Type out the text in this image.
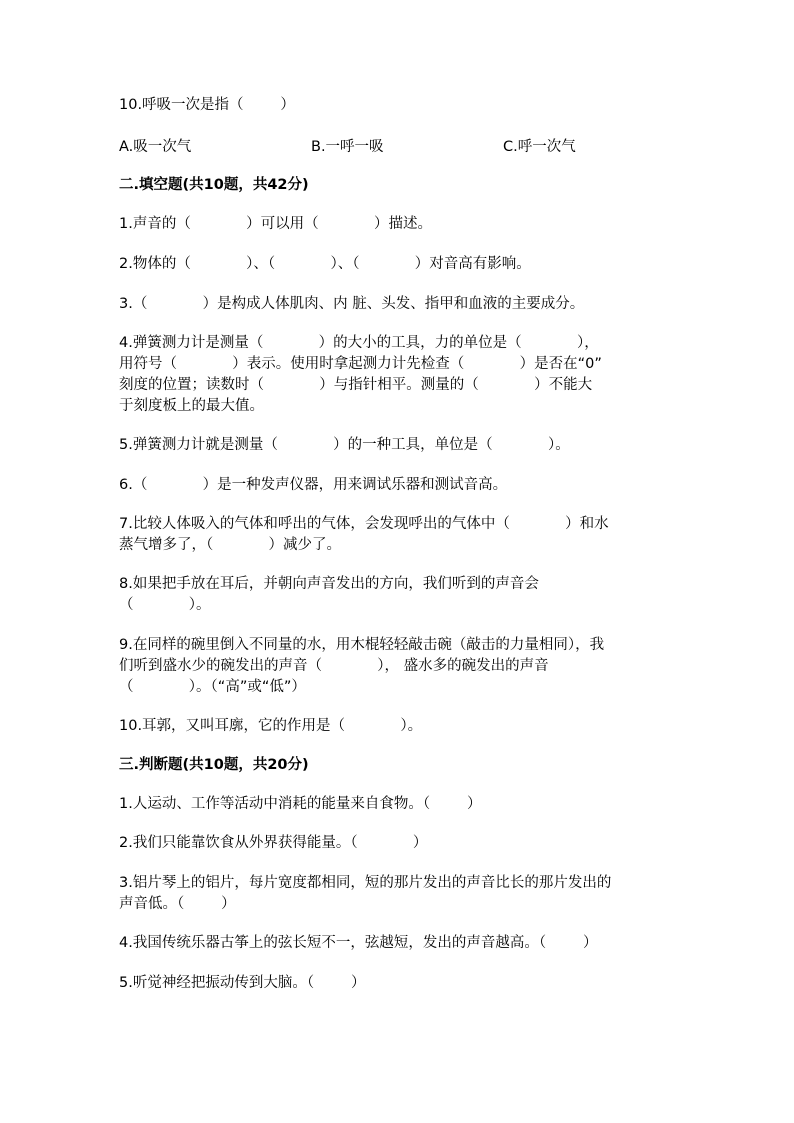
10.呼吸一次是指（        ）
A.吸一次气	B.一呼一吸	C.呼一次气
二.填空题(共10题，共42分)
1.声音的（            ）可以用（            ）描述。
2.物体的（            ）、（            ）、（            ）对音高有影响。
3.（            ）是构成人体肌肉、内 脏、头发、指甲和血液的主要成分。
4.弹簧测力计是测量（            ）的大小的工具，力的单位是（            ），
用符号（            ）表示。使用时拿起测力计先检查（            ）是否在“0”
刻度的位置；读数时（            ）与指针相平。测量的（            ）不能大
于刻度板上的最大值。
5.弹簧测力计就是测量（            ）的一种工具，单位是（            ）。
6.（            ）是一种发声仪器，用来调试乐器和测试音高。
7.比较人体吸入的气体和呼出的气体，会发现呼出的气体中（            ）和水
蒸气增多了，（            ）减少了。
8.如果把手放在耳后，并朝向声音发出的方向，我们听到的声音会
（            ）。
9.在同样的碗里倒入不同量的水，用木棍轻轻敲击碗（敲击的力量相同），我
们听到盛水少的碗发出的声音（            ）， 盛水多的碗发出的声音
（            ）。（“高”或“低”）
10.耳郭，又叫耳廓，它的作用是（            ）。
三.判断题(共10题，共20分)
1.人运动、工作等活动中消耗的能量来自食物。（        ）
2.我们只能靠饮食从外界获得能量。（            ）
3.铝片琴上的铝片，每片宽度都相同，短的那片发出的声音比长的那片发出的
声音低。（        ）
4.我国传统乐器古筝上的弦长短不一，弦越短，发出的声音越高。（        ）
5.听觉神经把振动传到大脑。（        ）
